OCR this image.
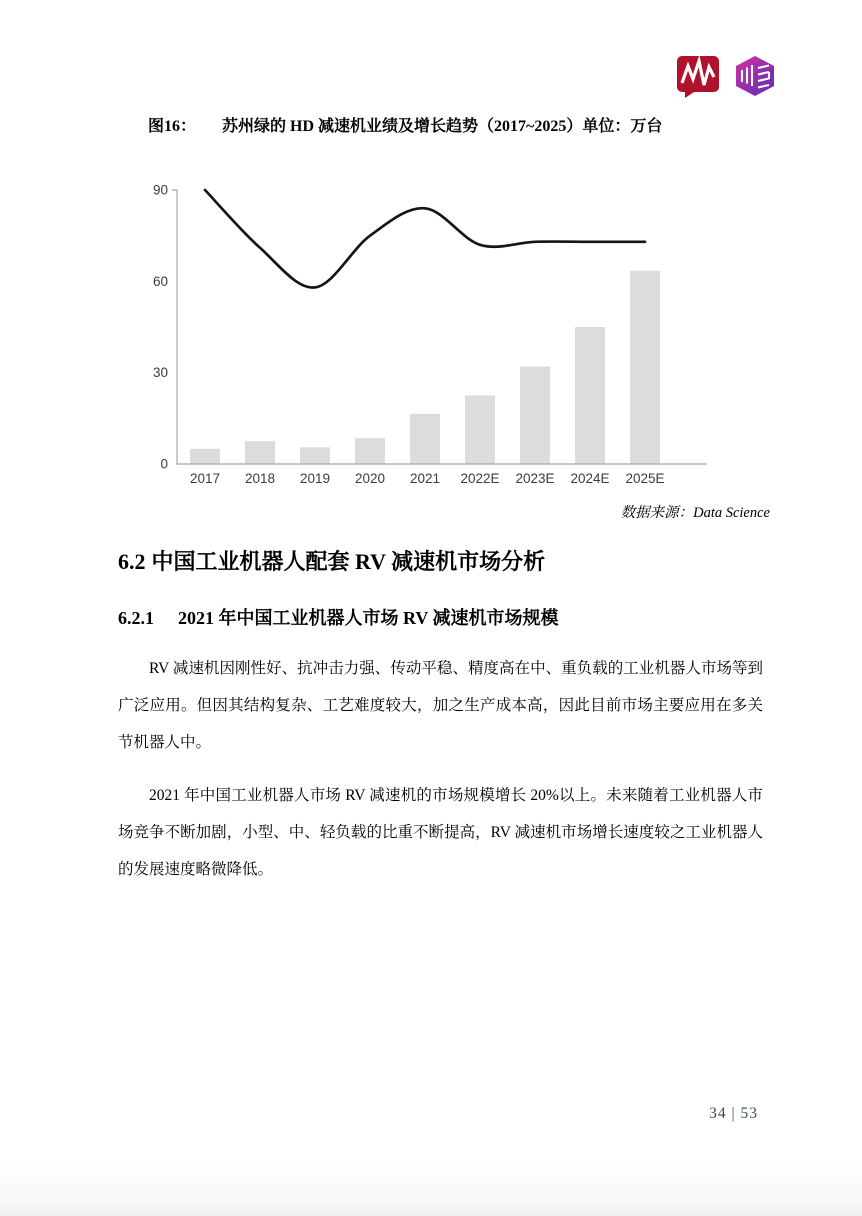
图16： 苏州绿的 HD 减速机业绩及增长趋势（2017~2025）单位：万台
0
30
60
90
2017 2018 2019 2020 2021 2022E 2023E 2024E 2025E
数据来源：Data Science
6.2 中国工业机器人配套 RV 减速机市场分析
6.2.1 2021 年中国工业机器人市场 RV 减速机市场规模

RV 减速机因刚性好、抗冲击力强、传动平稳、精度高在中、重负载的工业机器人市场等到广泛应用。但因其结构复杂、工艺难度较大，加之生产成本高，因此目前市场主要应用在多关节机器人中。

2021 年中国工业机器人市场 RV 减速机的市场规模增长 20%以上。未来随着工业机器人市场竞争不断加剧，小型、中、轻负载的比重不断提高，RV 减速机市场增长速度较之工业机器人的发展速度略微降低。

34 | 53
